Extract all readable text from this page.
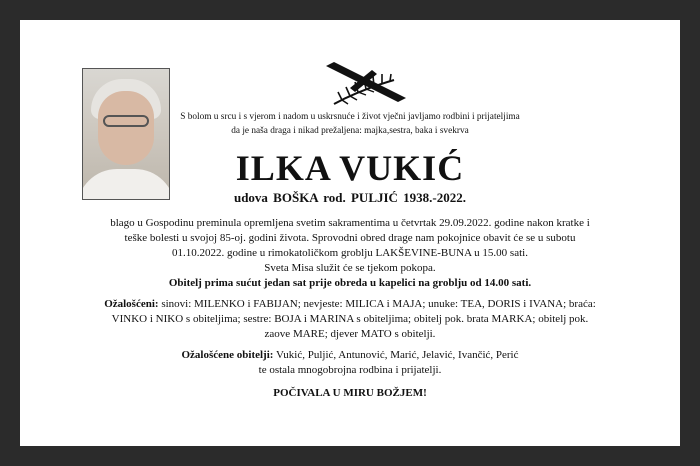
S bolom u srcu i s vjerom i nadom u uskrsnuće i život vječni javljamo rodbini i prijateljima
da je naša draga i nikad prežaljena: majka,sestra, baka i svekrva
ILKA VUKIĆ
udova BOŠKA rod. PULJIĆ 1938.-2022.

blago u Gospodinu preminula opremljena svetim sakramentima u četvrtak 29.09.2022. godine nakon kratke i teške bolesti u svojoj 85-oj. godini života. Sprovodni obred drage nam pokojnice obavit će se u subotu 01.10.2022. godine u rimokatoličkom groblju LAKŠEVINE-BUNA u 15.00 sati.

Sveta Misa služit će se tjekom pokopa.

Obitelj prima sućut jedan sat prije obreda u kapelici na groblju od 14.00 sati.

Ožalošćeni: sinovi: MILENKO i FABIJAN; nevjeste: MILICA i MAJA; unuke: TEA, DORIS i IVANA; braća: VINKO i NIKO s obiteljima; sestre: BOJA i MARINA s obiteljima; obitelj pok. brata MARKA; obitelj pok. zaove MARE; djever MATO s obitelji.

Ožalošćene obitelji: Vukić, Puljić, Antunović, Marić, Jelavić, Ivančić, Perić

te ostala mnogobrojna rodbina i prijatelji.

POČIVALA U MIRU BOŽJEM!
